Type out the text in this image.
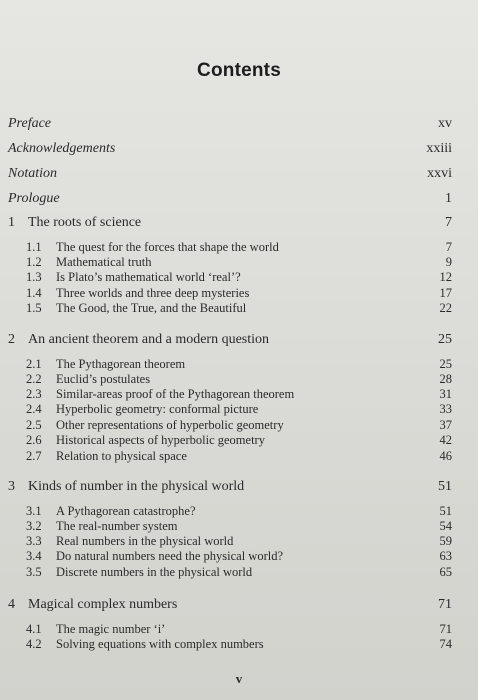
Contents
Preface	xv
Acknowledgements	xxiii
Notation	xxvi
Prologue	1
1 The roots of science	7
1.1 The quest for the forces that shape the world	7
1.2 Mathematical truth	9
1.3 Is Plato’s mathematical world ‘real’?	12
1.4 Three worlds and three deep mysteries	17
1.5 The Good, the True, and the Beautiful	22
2 An ancient theorem and a modern question	25
2.1 The Pythagorean theorem	25
2.2 Euclid’s postulates	28
2.3 Similar-areas proof of the Pythagorean theorem	31
2.4 Hyperbolic geometry: conformal picture	33
2.5 Other representations of hyperbolic geometry	37
2.6 Historical aspects of hyperbolic geometry	42
2.7 Relation to physical space	46
3 Kinds of number in the physical world	51
3.1 A Pythagorean catastrophe?	51
3.2 The real-number system	54
3.3 Real numbers in the physical world	59
3.4 Do natural numbers need the physical world?	63
3.5 Discrete numbers in the physical world	65
4 Magical complex numbers	71
4.1 The magic number ‘i’	71
4.2 Solving equations with complex numbers	74
v
